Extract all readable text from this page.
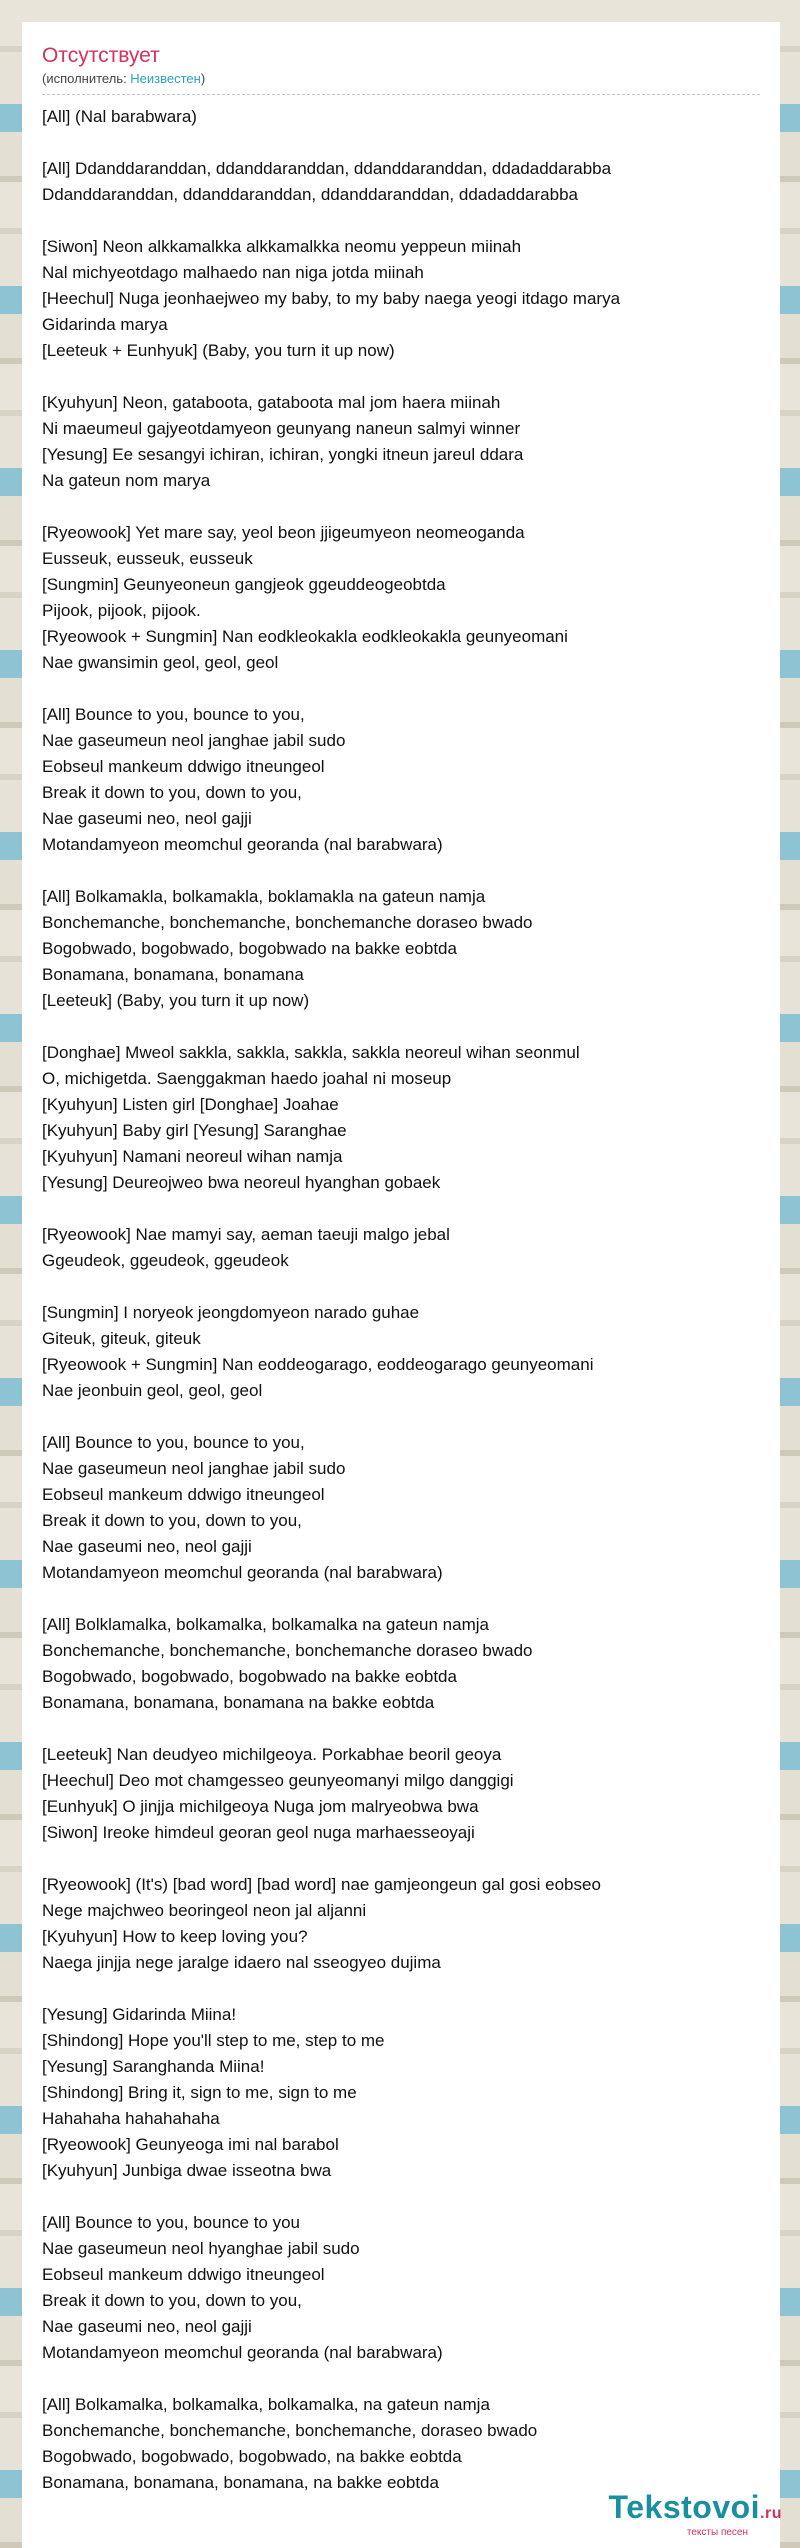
Отсутствует
(исполнитель: Неизвестен)
[All] (Nal barabwara)
[All] Ddanddaranddan, ddanddaranddan, ddanddaranddan, ddadaddarabba
Ddanddaranddan, ddanddaranddan, ddanddaranddan, ddadaddarabba
[Siwon] Neon alkkamalkka alkkamalkka neomu yeppeun miinah
Nal michyeotdago malhaedo nan niga jotda miinah
[Heechul] Nuga jeonhaejweo my baby, to my baby naega yeogi itdago marya
Gidarinda marya
[Leeteuk + Eunhyuk] (Baby, you turn it up now)
[Kyuhyun] Neon, gataboota, gataboota mal jom haera miinah
Ni maeumeul gajyeotdamyeon geunyang naneun salmyi winner
[Yesung] Ee sesangyi ichiran, ichiran, yongki itneun jareul ddara
Na gateun nom marya
[Ryeowook] Yet mare say, yeol beon jjigeumyeon neomeoganda
Eusseuk, eusseuk, eusseuk
[Sungmin] Geunyeoneun gangjeok ggeuddeogeobtda
Pijook, pijook, pijook.
[Ryeowook + Sungmin] Nan eodkleokakla eodkleokakla geunyeomani
Nae gwansimin geol, geol, geol
[All] Bounce to you, bounce to you,
Nae gaseumeun neol janghae jabil sudo
Eobseul mankeum ddwigo itneungeol
Break it down to you, down to you,
Nae gaseumi neo, neol gajji
Motandamyeon meomchul georanda (nal barabwara)
[All] Bolkamakla, bolkamakla, boklamakla na gateun namja
Bonchemanche, bonchemanche, bonchemanche doraseo bwado
Bogobwado, bogobwado, bogobwado na bakke eobtda
Bonamana, bonamana, bonamana
[Leeteuk] (Baby, you turn it up now)
[Donghae] Mweol sakkla, sakkla, sakkla, sakkla neoreul wihan seonmul
O, michigetda. Saenggakman haedo joahal ni moseup
[Kyuhyun] Listen girl [Donghae] Joahae
[Kyuhyun] Baby girl [Yesung] Saranghae
[Kyuhyun] Namani neoreul wihan namja
[Yesung] Deureojweo bwa neoreul hyanghan gobaek
[Ryeowook] Nae mamyi say, aeman taeuji malgo jebal
Ggeudeok, ggeudeok, ggeudeok
[Sungmin] I noryeok jeongdomyeon narado guhae
Giteuk, giteuk, giteuk
[Ryeowook + Sungmin] Nan eoddeogarago, eoddeogarago geunyeomani
Nae jeonbuin geol, geol, geol
[All] Bounce to you, bounce to you,
Nae gaseumeun neol janghae jabil sudo
Eobseul mankeum ddwigo itneungeol
Break it down to you, down to you,
Nae gaseumi neo, neol gajji
Motandamyeon meomchul georanda (nal barabwara)
[All] Bolklamalka, bolkamalka, bolkamalka na gateun namja
Bonchemanche, bonchemanche, bonchemanche doraseo bwado
Bogobwado, bogobwado, bogobwado na bakke eobtda
Bonamana, bonamana, bonamana na bakke eobtda
[Leeteuk] Nan deudyeo michilgeoya. Porkabhae beoril geoya
[Heechul] Deo mot chamgesseo geunyeomanyi milgo danggigi
[Eunhyuk] O jinjja michilgeoya Nuga jom malryeobwa bwa
[Siwon] Ireoke himdeul georan geol nuga marhaesseoyaji
[Ryeowook] (It's) [bad word] [bad word] nae gamjeongeun gal gosi eobseo
Nege majchweo beoringeol neon jal aljanni
[Kyuhyun] How to keep loving you?
Naega jinjja nege jaralge idaero nal sseogyeo dujima
[Yesung] Gidarinda Miina!
[Shindong] Hope you'll step to me, step to me
[Yesung] Saranghanda Miina!
[Shindong] Bring it, sign to me, sign to me
Hahahaha hahahahaha
[Ryeowook] Geunyeoga imi nal barabol
[Kyuhyun] Junbiga dwae isseotna bwa
[All] Bounce to you, bounce to you
Nae gaseumeun neol hyanghae jabil sudo
Eobseul mankeum ddwigo itneungeol
Break it down to you, down to you,
Nae gaseumi neo, neol gajji
Motandamyeon meomchul georanda (nal barabwara)
[All] Bolkamalka, bolkamalka, bolkamalka, na gateun namja
Bonchemanche, bonchemanche, bonchemanche, doraseo bwado
Bogobwado, bogobwado, bogobwado, na bakke eobtda
Bonamana, bonamana, bonamana, na bakke eobtda
Tekstovoi.ru
тексты песен
